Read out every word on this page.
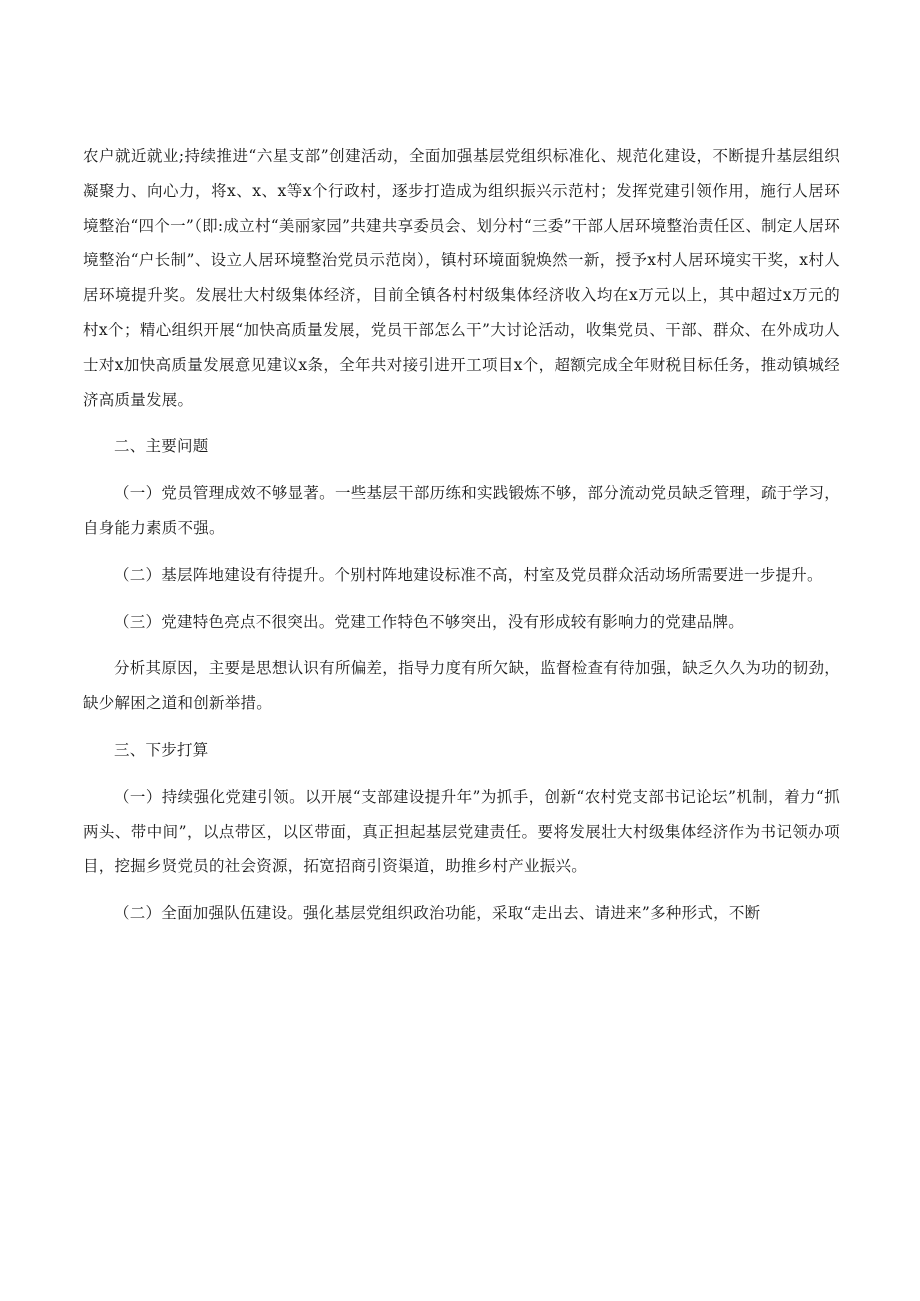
农户就近就业;持续推进“六星支部”创建活动，全面加强基层党组织标准化、规范化建设，不断提升基层组织凝聚力、向心力，将x、x、x等x个行政村，逐步打造成为组织振兴示范村；发挥党建引领作用，施行人居环境整治“四个一”（即:成立村“美丽家园”共建共享委员会、划分村“三委”干部人居环境整治责任区、制定人居环境整治“户长制”、设立人居环境整治党员示范岗），镇村环境面貌焕然一新，授予x村人居环境实干奖，x村人居环境提升奖。发展壮大村级集体经济，目前全镇各村村级集体经济收入均在x万元以上，其中超过x万元的村x个；精心组织开展“加快高质量发展，党员干部怎么干”大讨论活动，收集党员、干部、群众、在外成功人士对x加快高质量发展意见建议x条，全年共对接引进开工项目x个，超额完成全年财税目标任务，推动镇城经济高质量发展。

二、主要问题

（一）党员管理成效不够显著。一些基层干部历练和实践锻炼不够，部分流动党员缺乏管理，疏于学习，自身能力素质不强。

（二）基层阵地建设有待提升。个别村阵地建设标准不高，村室及党员群众活动场所需要进一步提升。

（三）党建特色亮点不很突出。党建工作特色不够突出，没有形成较有影响力的党建品牌。

分析其原因，主要是思想认识有所偏差，指导力度有所欠缺，监督检查有待加强，缺乏久久为功的韧劲，缺少解困之道和创新举措。

三、下步打算

（一）持续强化党建引领。以开展“支部建设提升年”为抓手，创新“农村党支部书记论坛”机制，着力“抓两头、带中间”，以点带区，以区带面，真正担起基层党建责任。要将发展壮大村级集体经济作为书记领办项目，挖掘乡贤党员的社会资源，拓宽招商引资渠道，助推乡村产业振兴。

（二）全面加强队伍建设。强化基层党组织政治功能，采取“走出去、请进来”多种形式，不断
